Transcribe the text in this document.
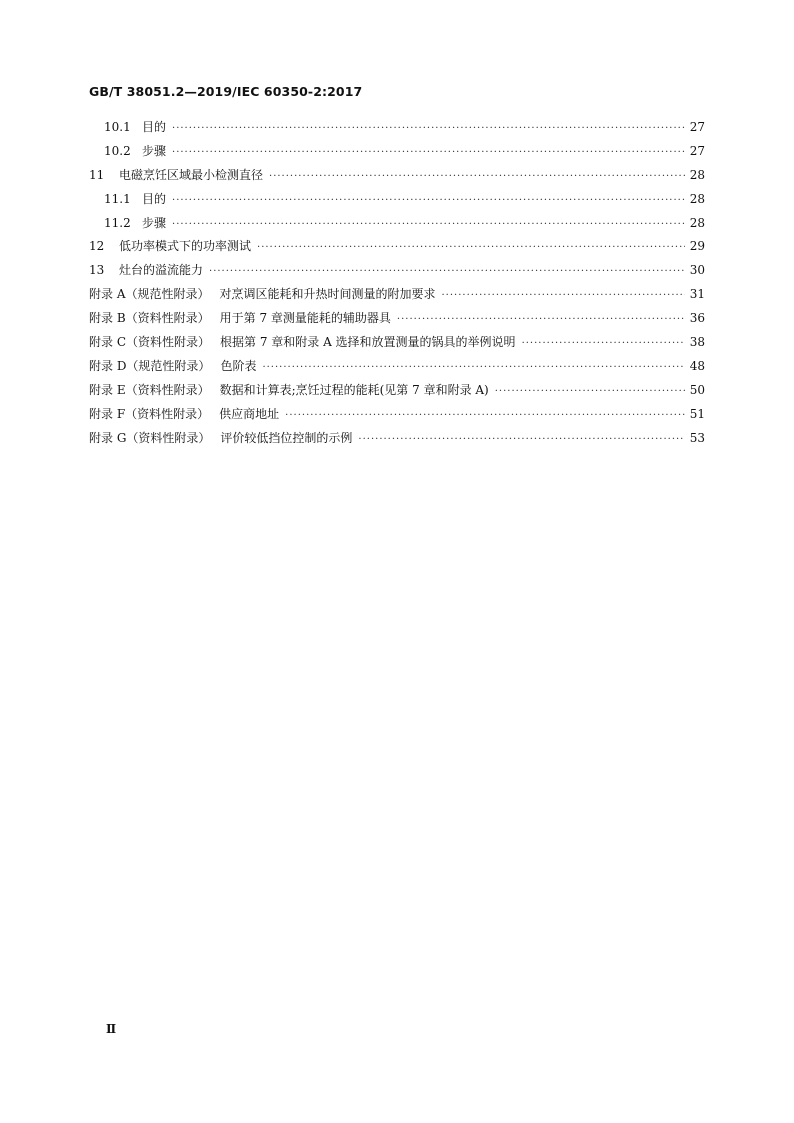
GB/T 38051.2—2019/IEC 60350-2:2017
10.1 目的 ·····	27
10.2 步骤 ·····	27
11	电磁烹饪区域最小检测直径 ·····	28
11.1 目的 ·····	28
11.2 步骤 ·····	28
12	低功率模式下的功率测试 ·····	29
13	灶台的溢流能力 ·····	30
附录 A（规范性附录） 对烹调区能耗和升热时间测量的附加要求 ·····	31
附录 B（资料性附录） 用于第 7 章测量能耗的辅助器具 ·····	36
附录 C（资料性附录） 根据第 7 章和附录 A 选择和放置测量的锅具的举例说明 ·····	38
附录 D（规范性附录） 色阶表 ·····	48
附录 E（资料性附录） 数据和计算表;烹饪过程的能耗(见第 7 章和附录 A) ·····	50
附录 F（资料性附录） 供应商地址 ·····	51
附录 G（资料性附录） 评价较低挡位控制的示例 ·····	53
Ⅱ
